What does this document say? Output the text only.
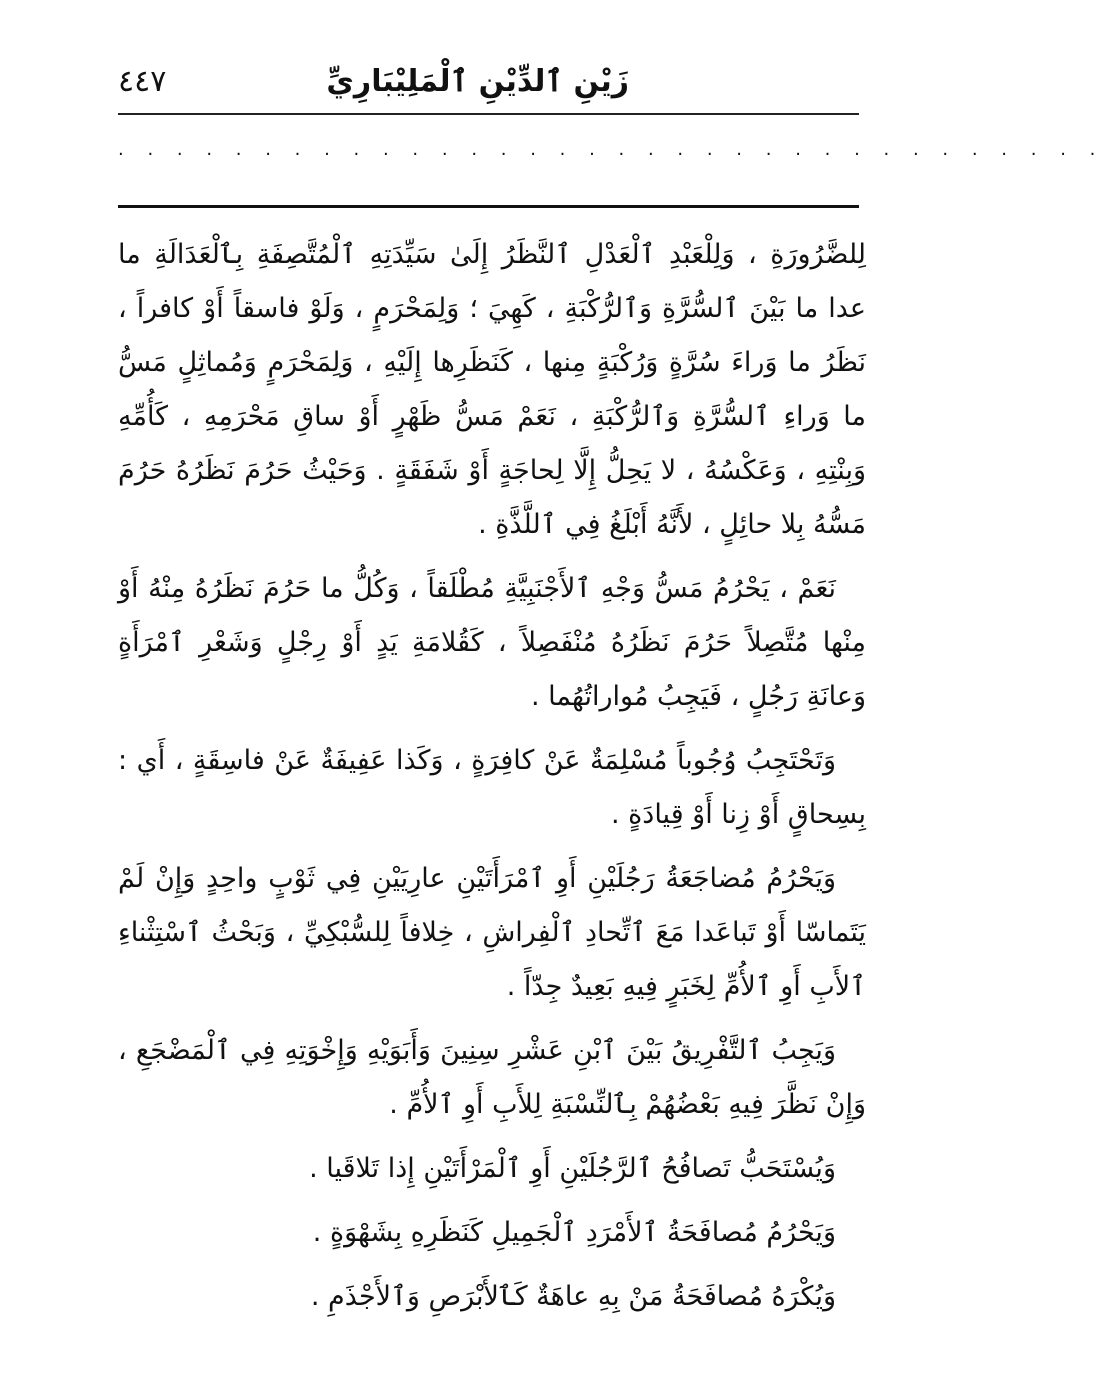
٤٤٧	زَيْنِ ٱلدِّيْنِ ٱلْمَلِيْبَارِيِّ
. . . . . . . . . . . . . . . . . . . . . . . . . . . . . . . . . .

لِلضَّرُورَةِ ، وَلِلْعَبْدِ ٱلْعَدْلِ ٱلنَّظَرُ إِلَىٰ سَيِّدَتِهِ ٱلْمُتَّصِفَةِ بِٱلْعَدَالَةِ ما عدا ما بَيْنَ ٱلسُّرَّةِ وَٱلرُّكْبَةِ ، كَهِيَ ؛ وَلِمَحْرَمٍ ، وَلَوْ فاسقاً أَوْ كافراً ، نَظَرُ ما وَراءَ سُرَّةٍ وَرُكْبَةٍ مِنها ، كَنَظَرِها إِلَيْهِ ، وَلِمَحْرَمٍ وَمُماثِلٍ مَسُّ ما وَراءِ ٱلسُّرَّةِ وَٱلرُّكْبَةِ ، نَعَمْ مَسُّ ظَهْرٍ أَوْ ساقِ مَحْرَمِهِ ، كَأُمِّهِ وَبِنْتِهِ ، وَعَكْسُهُ ، لا يَحِلُّ إِلَّا لِحاجَةٍ أَوْ شَفَقَةٍ . وَحَيْثُ حَرُمَ نَظَرُهُ حَرُمَ مَسُّهُ بِلا حائِلٍ ، لأَنَّهُ أَبْلَغُ فِي ٱللَّذَّةِ .

نَعَمْ ، يَحْرُمُ مَسُّ وَجْهِ ٱلأَجْنَبِيَّةِ مُطْلَقاً ، وَكُلُّ ما حَرُمَ نَظَرُهُ مِنْهُ أَوْ مِنْها مُتَّصِلاً حَرُمَ نَظَرُهُ مُنْفَصِلاً ، كَقُلامَةِ يَدٍ أَوْ رِجْلٍ وَشَعْرِ ٱمْرَأَةٍ وَعانَةِ رَجُلٍ ، فَيَجِبُ مُواراتُهُما .

وَتَحْتَجِبُ وُجُوباً مُسْلِمَةٌ عَنْ كافِرَةٍ ، وَكَذا عَفِيفَةٌ عَنْ فاسِقَةٍ ، أَي : بِسِحاقٍ أَوْ زِنا أَوْ قِيادَةٍ .

وَيَحْرُمُ مُضاجَعَةُ رَجُلَيْنِ أَوِ ٱمْرَأَتَيْنِ عارِيَيْنِ فِي ثَوْبٍ واحِدٍ وَإِنْ لَمْ يَتَماسّا أَوْ تَباعَدا مَعَ ٱتِّحادِ ٱلْفِراشِ ، خِلافاً لِلسُّبْكِيِّ ، وَبَحْثُ ٱسْتِثْناءِ ٱلأَبِ أَوِ ٱلأُمِّ لِخَبَرٍ فِيهِ بَعِيدٌ جِدّاً .

وَيَجِبُ ٱلتَّفْرِيقُ بَيْنَ ٱبْنِ عَشْرِ سِنِينَ وَأَبَوَيْهِ وَإِخْوَتِهِ فِي ٱلْمَضْجَعِ ، وَإِنْ نَظَّرَ فِيهِ بَعْضُهُمْ بِٱلنِّسْبَةِ لِلأَبِ أَوِ ٱلأُمِّ .

وَيُسْتَحَبُّ تَصافُحُ ٱلرَّجُلَيْنِ أَوِ ٱلْمَرْأَتَيْنِ إِذا تَلاقَيا .

وَيَحْرُمُ مُصافَحَةُ ٱلأَمْرَدِ ٱلْجَمِيلِ كَنَظَرِهِ بِشَهْوَةٍ .

وَيُكْرَهُ مُصافَحَةُ مَنْ بِهِ عاهَةٌ كَٱلأَبْرَصِ وَٱلأَجْذَمِ .
